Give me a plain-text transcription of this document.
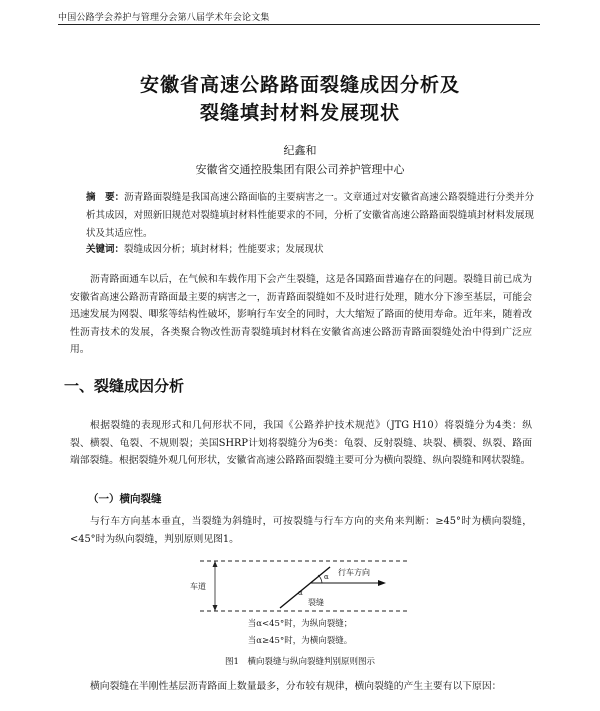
中国公路学会养护与管理分会第八届学术年会论文集
安徽省高速公路路面裂缝成因分析及
裂缝填封材料发展现状
纪鑫和
安徽省交通控股集团有限公司养护管理中心
摘　要：沥青路面裂缝是我国高速公路面临的主要病害之一。文章通过对安徽省高速公路裂缝进行分类并分析其成因，对照新旧规范对裂缝填封材料性能要求的不同，分析了安徽省高速公路路面裂缝填封材料发展现状及其适应性。
关键词：裂缝成因分析；填封材料；性能要求；发展现状
沥青路面通车以后，在气候和车载作用下会产生裂缝，这是各国路面普遍存在的问题。裂缝目前已成为安徽省高速公路沥青路面最主要的病害之一，沥青路面裂缝如不及时进行处理，随水分下渗至基层，可能会迅速发展为网裂、唧浆等结构性破坏，影响行车安全的同时，大大缩短了路面的使用寿命。近年来，随着改性沥青技术的发展，各类聚合物改性沥青裂缝填封材料在安徽省高速公路沥青路面裂缝处治中得到广泛应用。
一、裂缝成因分析
根据裂缝的表现形式和几何形状不同，我国《公路养护技术规范》（JTG H10）将裂缝分为4类：纵裂、横裂、龟裂、不规则裂；美国SHRP计划将裂缝分为6类：龟裂、反射裂缝、块裂、横裂、纵裂、路面端部裂缝。根据裂缝外观几何形状，安徽省高速公路路面裂缝主要可分为横向裂缝、纵向裂缝和网状裂缝。
（一）横向裂缝
与行车方向基本垂直，当裂缝为斜缝时，可按裂缝与行车方向的夹角来判断：≥45°时为横向裂缝，<45°时为纵向裂缝，判别原则见图1。
车道
α
α
行车方向
裂缝
当α<45°时，为纵向裂缝；
当α≥45°时，为横向裂缝。
图1　横向裂缝与纵向裂缝判别原则图示
横向裂缝在半刚性基层沥青路面上数量最多，分布较有规律，横向裂缝的产生主要有以下原因：
